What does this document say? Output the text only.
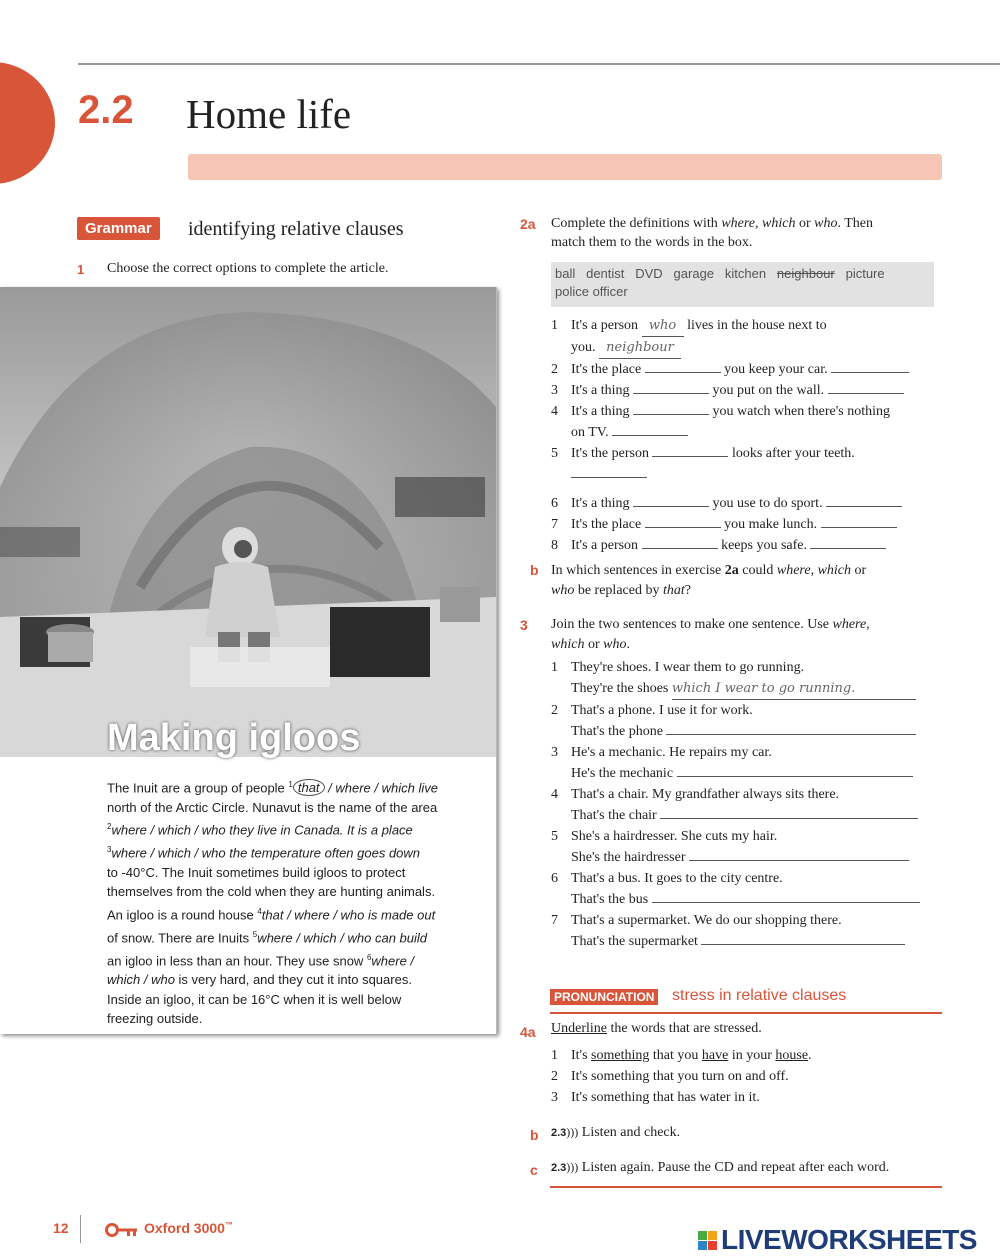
2.2 Home life
Grammar	identifying relative clauses
1 Choose the correct options to complete the article.
Making igloos

The Inuit are a group of people $^1$ that / where / which live

north of the Arctic Circle. Nunavut is the name of the area

$^2$where / which / who they live in Canada. It is a place

$^3$where / which / who the temperature often goes down

to -40°C. The Inuit sometimes build igloos to protect

themselves from the cold when they are hunting animals.

An igloo is a round house $^4$that / where / who is made out

of snow. There are Inuits $^5$where / which / who can build

an igloo in less than an hour. They use snow $^6$where /

which / who is very hard, and they cut it into squares.

Inside an igloo, it can be 16°C when it is well below

freezing outside.

2a Complete the definitions with where, which or who. Then
match them to the words in the box.
ball dentist DVD garage kitchen neighbour picture
police officer
1 It's a person who lives in the house next to
you. neighbour
2 It's the place	you keep your car.
3 It's a thing	you put on the wall.
4 It's a thing	you watch when there's nothing
on TV.
5 It's the person	looks after your teeth.
6 It's a thing	you use to do sport.
7 It's the place	you make lunch.
8 It's a person	keeps you safe.
b In which sentences in exercise 2a could where, which or
who be replaced by that?
3 Join the two sentences to make one sentence. Use where,
which or who.
1 They're shoes. I wear them to go running.
They're the shoes which I wear to go running.
2 That's a phone. I use it for work.
That's the phone
3 He's a mechanic. He repairs my car.
He's the mechanic
4 That's a chair. My grandfather always sits there.
That's the chair
5 She's a hairdresser. She cuts my hair.
She's the hairdresser
6 That's a bus. It goes to the city centre.
That's the bus
7 That's a supermarket. We do our shopping there.
That's the supermarket
PRONUNCIATION stress in relative clauses
4a Underline the words that are stressed.
1 It's something that you have in your house.
2 It's something that you turn on and off.
3 It's something that has water in it.
b 2.3))) Listen and check.
c 2.3))) Listen again. Pause the CD and repeat after each word.
12	Oxford 3000™	LIVEWORKSHEETS
